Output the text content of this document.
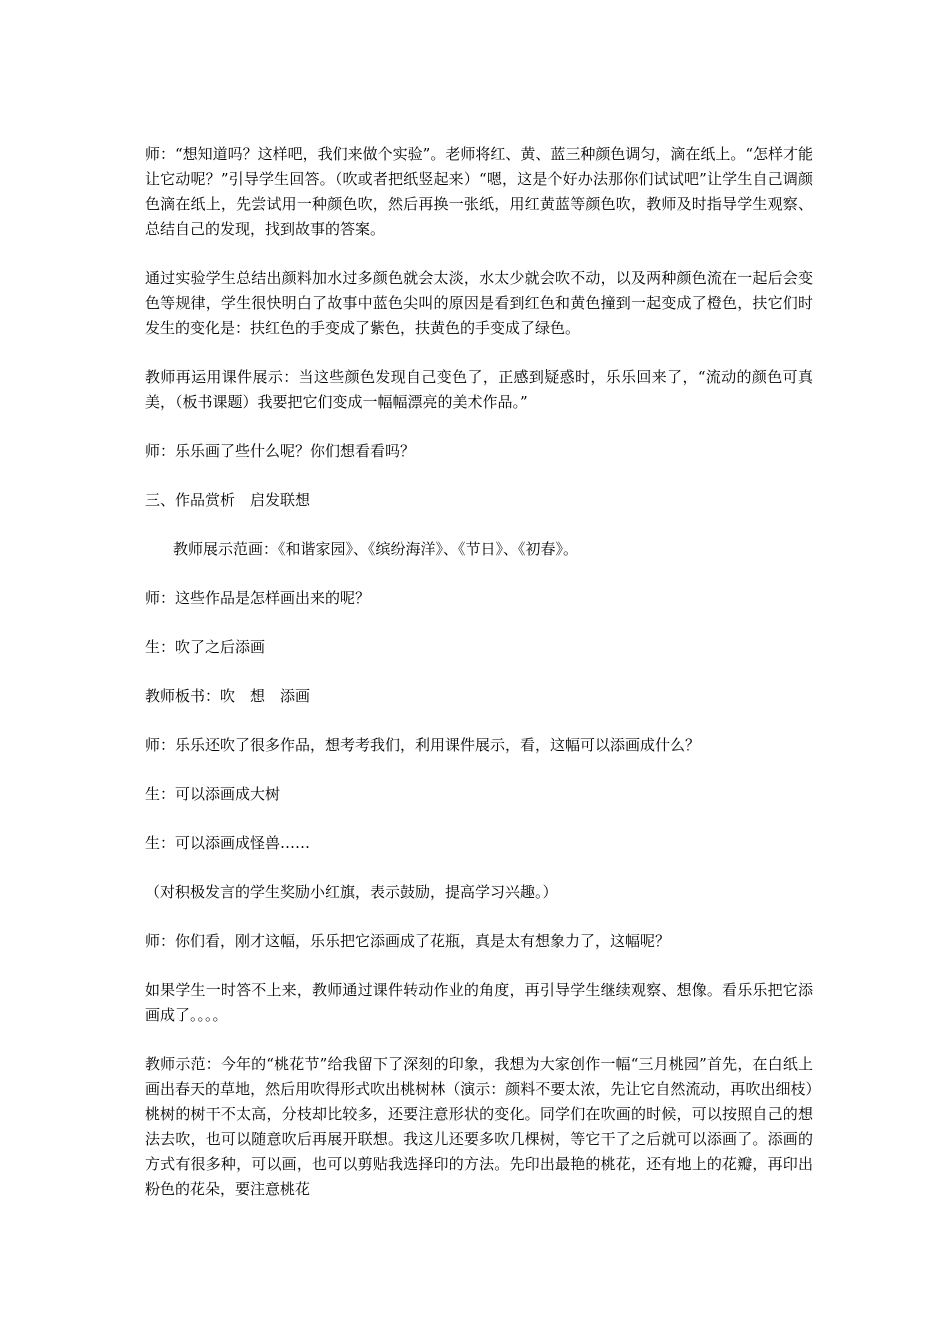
师：“想知道吗？这样吧，我们来做个实验”。老师将红、黄、蓝三种颜色调匀，滴在纸上。“怎样才能让它动呢？”引导学生回答。（吹或者把纸竖起来）“嗯，这是个好办法那你们试试吧”让学生自己调颜色滴在纸上，先尝试用一种颜色吹，然后再换一张纸，用红黄蓝等颜色吹，教师及时指导学生观察、总结自己的发现，找到故事的答案。

通过实验学生总结出颜料加水过多颜色就会太淡，水太少就会吹不动，以及两种颜色流在一起后会变色等规律，学生很快明白了故事中蓝色尖叫的原因是看到红色和黄色撞到一起变成了橙色，扶它们时发生的变化是：扶红色的手变成了紫色，扶黄色的手变成了绿色。

教师再运用课件展示：当这些颜色发现自己变色了，正感到疑惑时，乐乐回来了，“流动的颜色可真美，（板书课题）我要把它们变成一幅幅漂亮的美术作品。”

师：乐乐画了些什么呢？你们想看看吗？

三、作品赏析　启发联想

教师展示范画：《和谐家园》、《缤纷海洋》、《节日》、《初春》。

师：这些作品是怎样画出来的呢？

生：吹了之后添画

教师板书：吹　想　添画

师：乐乐还吹了很多作品，想考考我们，利用课件展示，看，这幅可以添画成什么？

生：可以添画成大树

生：可以添画成怪兽……

（对积极发言的学生奖励小红旗，表示鼓励，提高学习兴趣。）

师：你们看，刚才这幅，乐乐把它添画成了花瓶，真是太有想象力了，这幅呢？

如果学生一时答不上来，教师通过课件转动作业的角度，再引导学生继续观察、想像。看乐乐把它添画成了。。。。

教师示范：今年的“桃花节”给我留下了深刻的印象，我想为大家创作一幅“三月桃园”首先，在白纸上画出春天的草地，然后用吹得形式吹出桃树林（演示：颜料不要太浓，先让它自然流动，再吹出细枝）桃树的树干不太高，分枝却比较多，还要注意形状的变化。同学们在吹画的时候，可以按照自己的想法去吹，也可以随意吹后再展开联想。我这儿还要多吹几棵树，等它干了之后就可以添画了。添画的方式有很多种，可以画，也可以剪贴我选择印的方法。先印出最艳的桃花，还有地上的花瓣，再印出粉色的花朵，要注意桃花
